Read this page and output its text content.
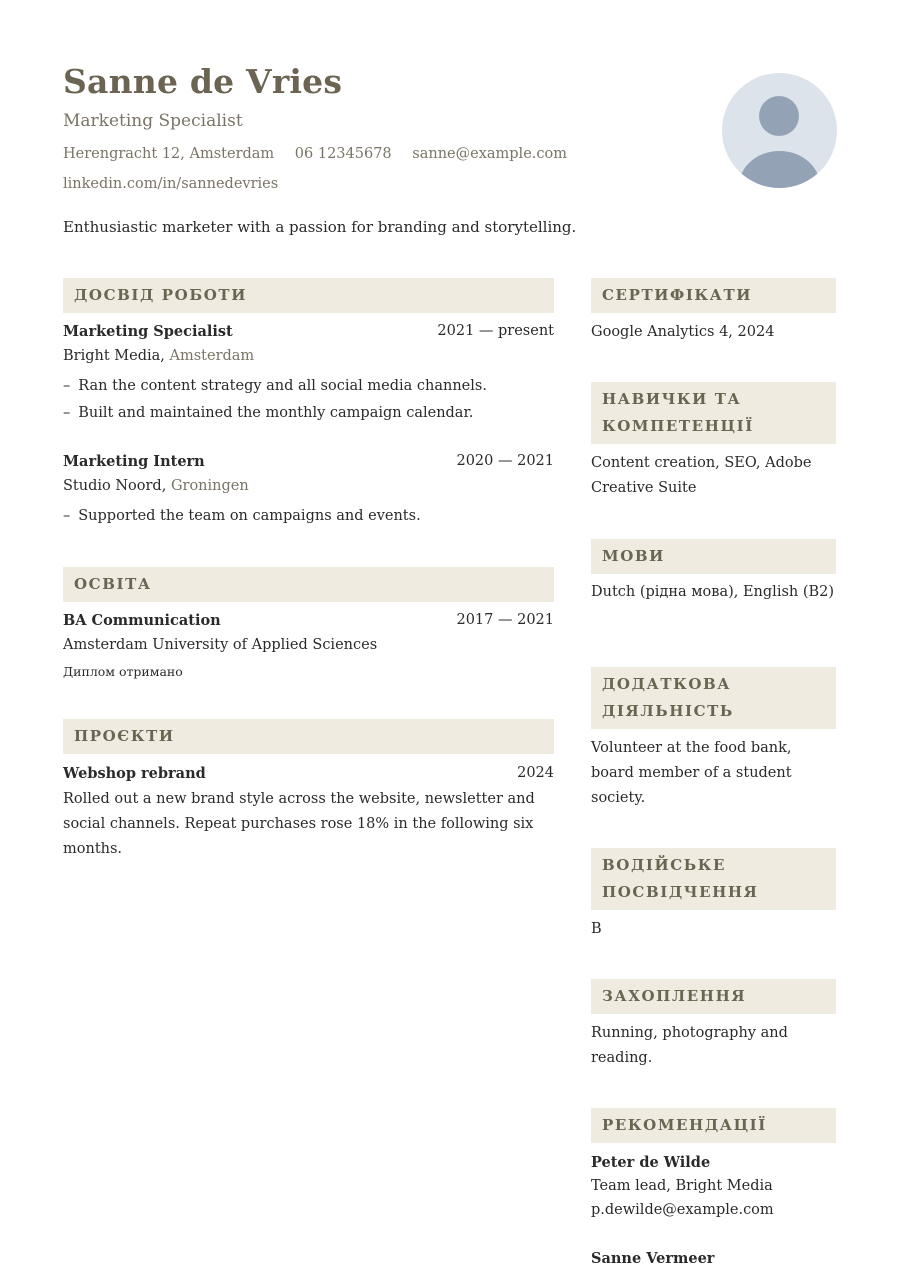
Sanne de Vries
Marketing Specialist
Herengracht 12, Amsterdam 06 12345678 sanne@example.com
linkedin.com/in/sannedevries
Enthusiastic marketer with a passion for branding and storytelling.
ДОСВІД РОБОТИ
Marketing Specialist	2021 — present
Bright Media, Amsterdam
– Ran the content strategy and all social media channels.
– Built and maintained the monthly campaign calendar.
Marketing Intern	2020 — 2021
Studio Noord, Groningen
– Supported the team on campaigns and events.
ОСВІТА
BA Communication	2017 — 2021
Amsterdam University of Applied Sciences
Диплом отримано
ПРОЄКТИ
Webshop rebrand	2024
Rolled out a new brand style across the website, newsletter and social channels. Repeat purchases rose 18% in the following six months.
СЕРТИФІКАТИ
Google Analytics 4, 2024
НАВИЧКИ ТА КОМПЕТЕНЦІЇ
Content creation, SEO, Adobe Creative Suite
МОВИ
Dutch (рідна мова), English (B2)
ДОДАТКОВА ДІЯЛЬНІСТЬ
Volunteer at the food bank, board member of a student society.
ВОДІЙСЬКЕ ПОСВІДЧЕННЯ
B
ЗАХОПЛЕННЯ
Running, photography and reading.
РЕКОМЕНДАЦІЇ
Peter de Wilde
Team lead, Bright Media
p.dewilde@example.com
Sanne Vermeer
